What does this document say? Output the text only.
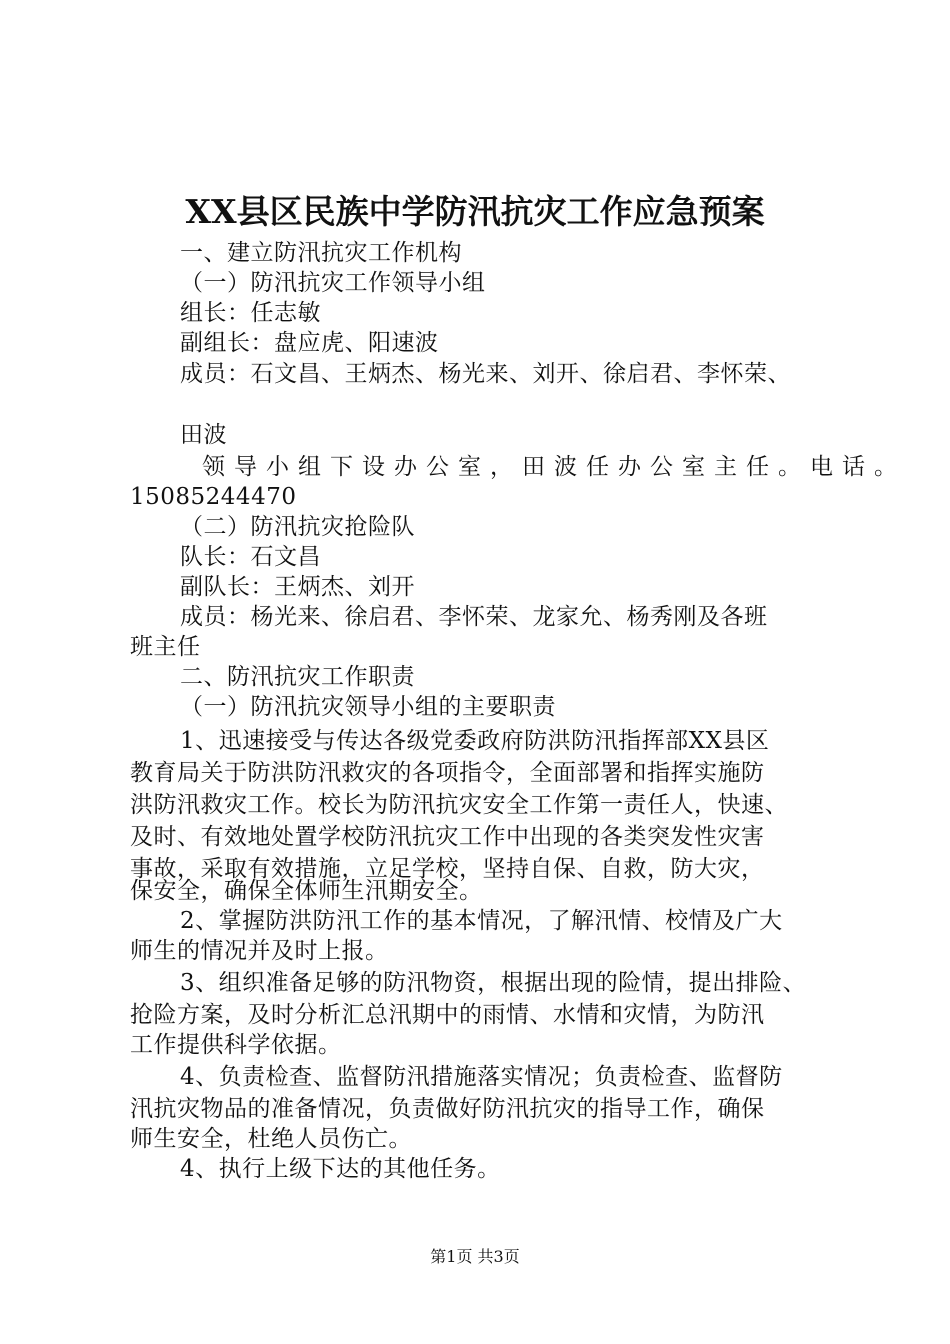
XX县区民族中学防汛抗灾工作应急预案
一、建立防汛抗灾工作机构
（一）防汛抗灾工作领导小组
组长：任志敏
副组长：盘应虎、阳速波
成员：石文昌、王炳杰、杨光来、刘开、徐启君、李怀荣、
田波
领导小组下设办公室，田波任办公室主任。电话。
15085244470
（二）防汛抗灾抢险队
队长：石文昌
副队长：王炳杰、刘开
成员：杨光来、徐启君、李怀荣、龙家允、杨秀刚及各班
班主任
二、防汛抗灾工作职责
（一）防汛抗灾领导小组的主要职责
1、迅速接受与传达各级党委政府防洪防汛指挥部XX县区
教育局关于防洪防汛救灾的各项指令，全面部署和指挥实施防
洪防汛救灾工作。校长为防汛抗灾安全工作第一责任人，快速、
及时、有效地处置学校防汛抗灾工作中出现的各类突发性灾害
事故，采取有效措施，立足学校，坚持自保、自救，防大灾，
保安全，确保全体师生汛期安全。
2、掌握防洪防汛工作的基本情况，了解汛情、校情及广大
师生的情况并及时上报。
3、组织准备足够的防汛物资，根据出现的险情，提出排险、
抢险方案，及时分析汇总汛期中的雨情、水情和灾情，为防汛
工作提供科学依据。
4、负责检查、监督防汛措施落实情况；负责检查、监督防
汛抗灾物品的准备情况，负责做好防汛抗灾的指导工作，确保
师生安全，杜绝人员伤亡。
4、执行上级下达的其他任务。
第1页 共3页
